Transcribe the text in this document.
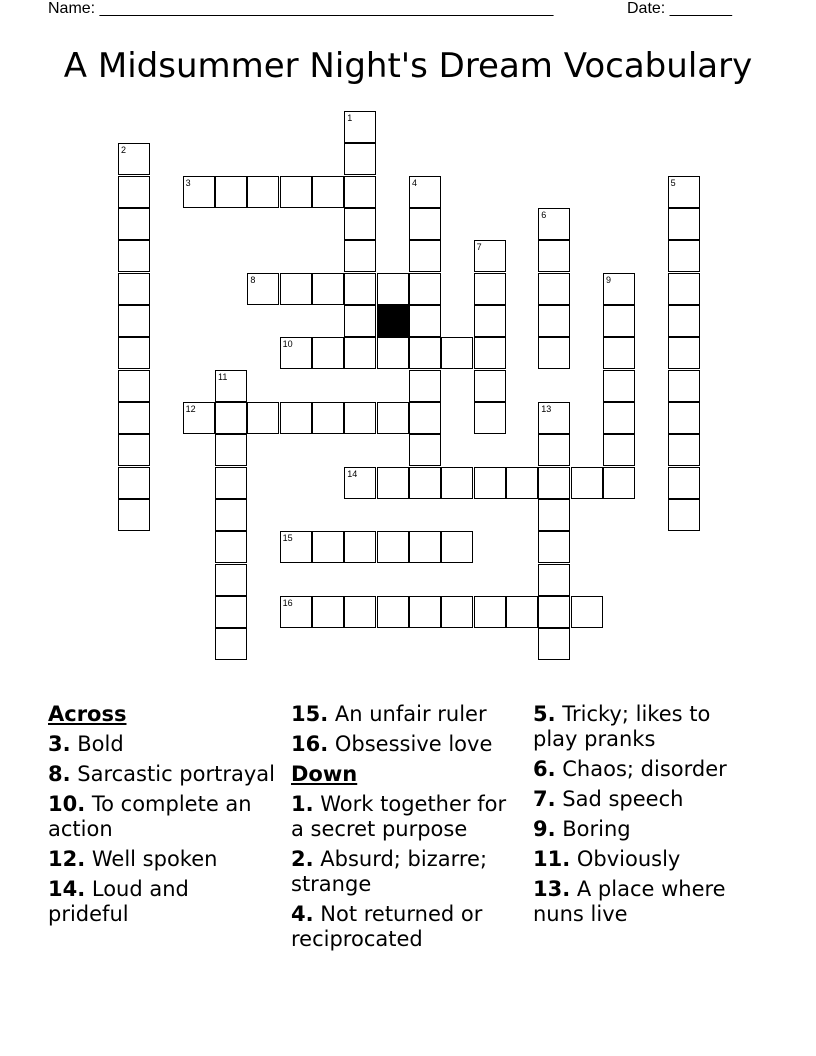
Name: ___________________________________________________	Date: _______
A Midsummer Night's Dream Vocabulary
1
2
3	4	5
6
7
8	9
10
11
12	13
14
15
16
Across
3. Bold
8. Sarcastic portrayal
10. To complete an action
12. Well spoken
14. Loud and prideful
15. An unfair ruler
16. Obsessive love
Down
1. Work together for a secret purpose
2. Absurd; bizarre; strange
4. Not returned or reciprocated
5. Tricky; likes to play pranks
6. Chaos; disorder
7. Sad speech
9. Boring
11. Obviously
13. A place where nuns live
